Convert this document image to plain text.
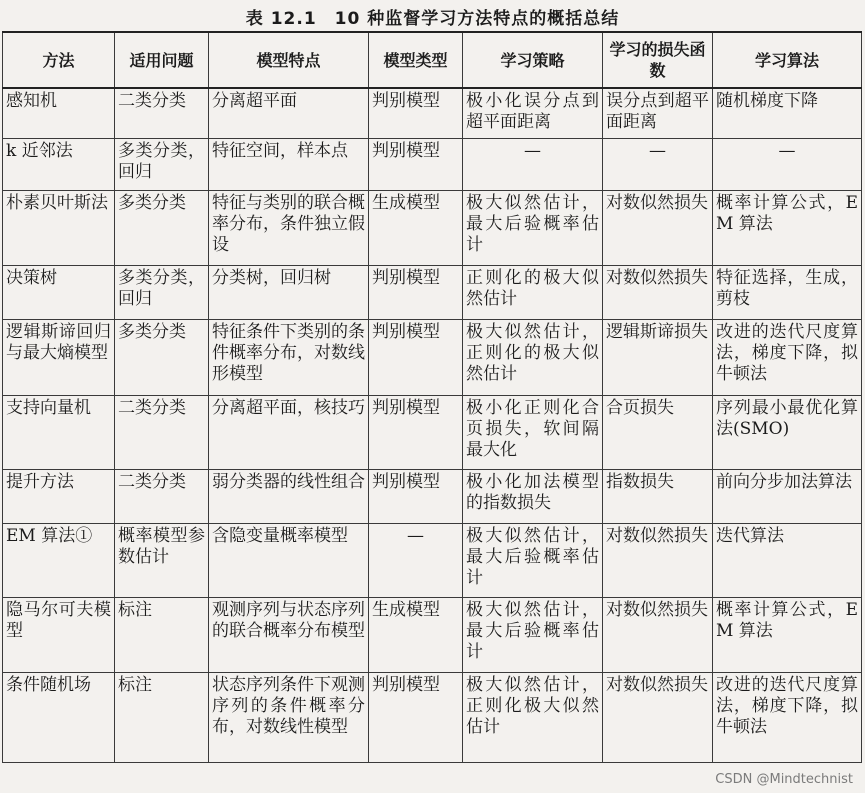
表 12.1　10 种监督学习方法特点的概括总结
方法	适用问题	模型特点	模型类型	学习策略	学习的损失函数	学习算法
感知机	二类分类	分离超平面	判别模型	极小化误分点到超平面距离	误分点到超平面距离	随机梯度下降
k 近邻法	多类分类，回归	特征空间，样本点	判别模型	—	—	—
朴素贝叶斯法	多类分类	特征与类别的联合概率分布，条件独立假设	生成模型	极大似然估计，最大后验概率估计	对数似然损失	概率计算公式，EM 算法
决策树	多类分类，回归	分类树，回归树	判别模型	正则化的极大似然估计	对数似然损失	特征选择，生成，剪枝
逻辑斯谛回归与最大熵模型	多类分类	特征条件下类别的条件概率分布，对数线形模型	判别模型	极大似然估计，正则化的极大似然估计	逻辑斯谛损失	改进的迭代尺度算法，梯度下降，拟牛顿法
支持向量机	二类分类	分离超平面，核技巧	判别模型	极小化正则化合页损失，软间隔最大化	合页损失	序列最小最优化算法(SMO)
提升方法	二类分类	弱分类器的线性组合	判别模型	极小化加法模型的指数损失	指数损失	前向分步加法算法
EM 算法①	概率模型参数估计	含隐变量概率模型	—	极大似然估计，最大后验概率估计	对数似然损失	迭代算法
隐马尔可夫模型	标注	观测序列与状态序列的联合概率分布模型	生成模型	极大似然估计，最大后验概率估计	对数似然损失	概率计算公式，EM 算法
条件随机场	标注	状态序列条件下观测序列的条件概率分布，对数线性模型	判别模型	极大似然估计，正则化极大似然估计	对数似然损失	改进的迭代尺度算法，梯度下降，拟牛顿法
CSDN @Mindtechnist
